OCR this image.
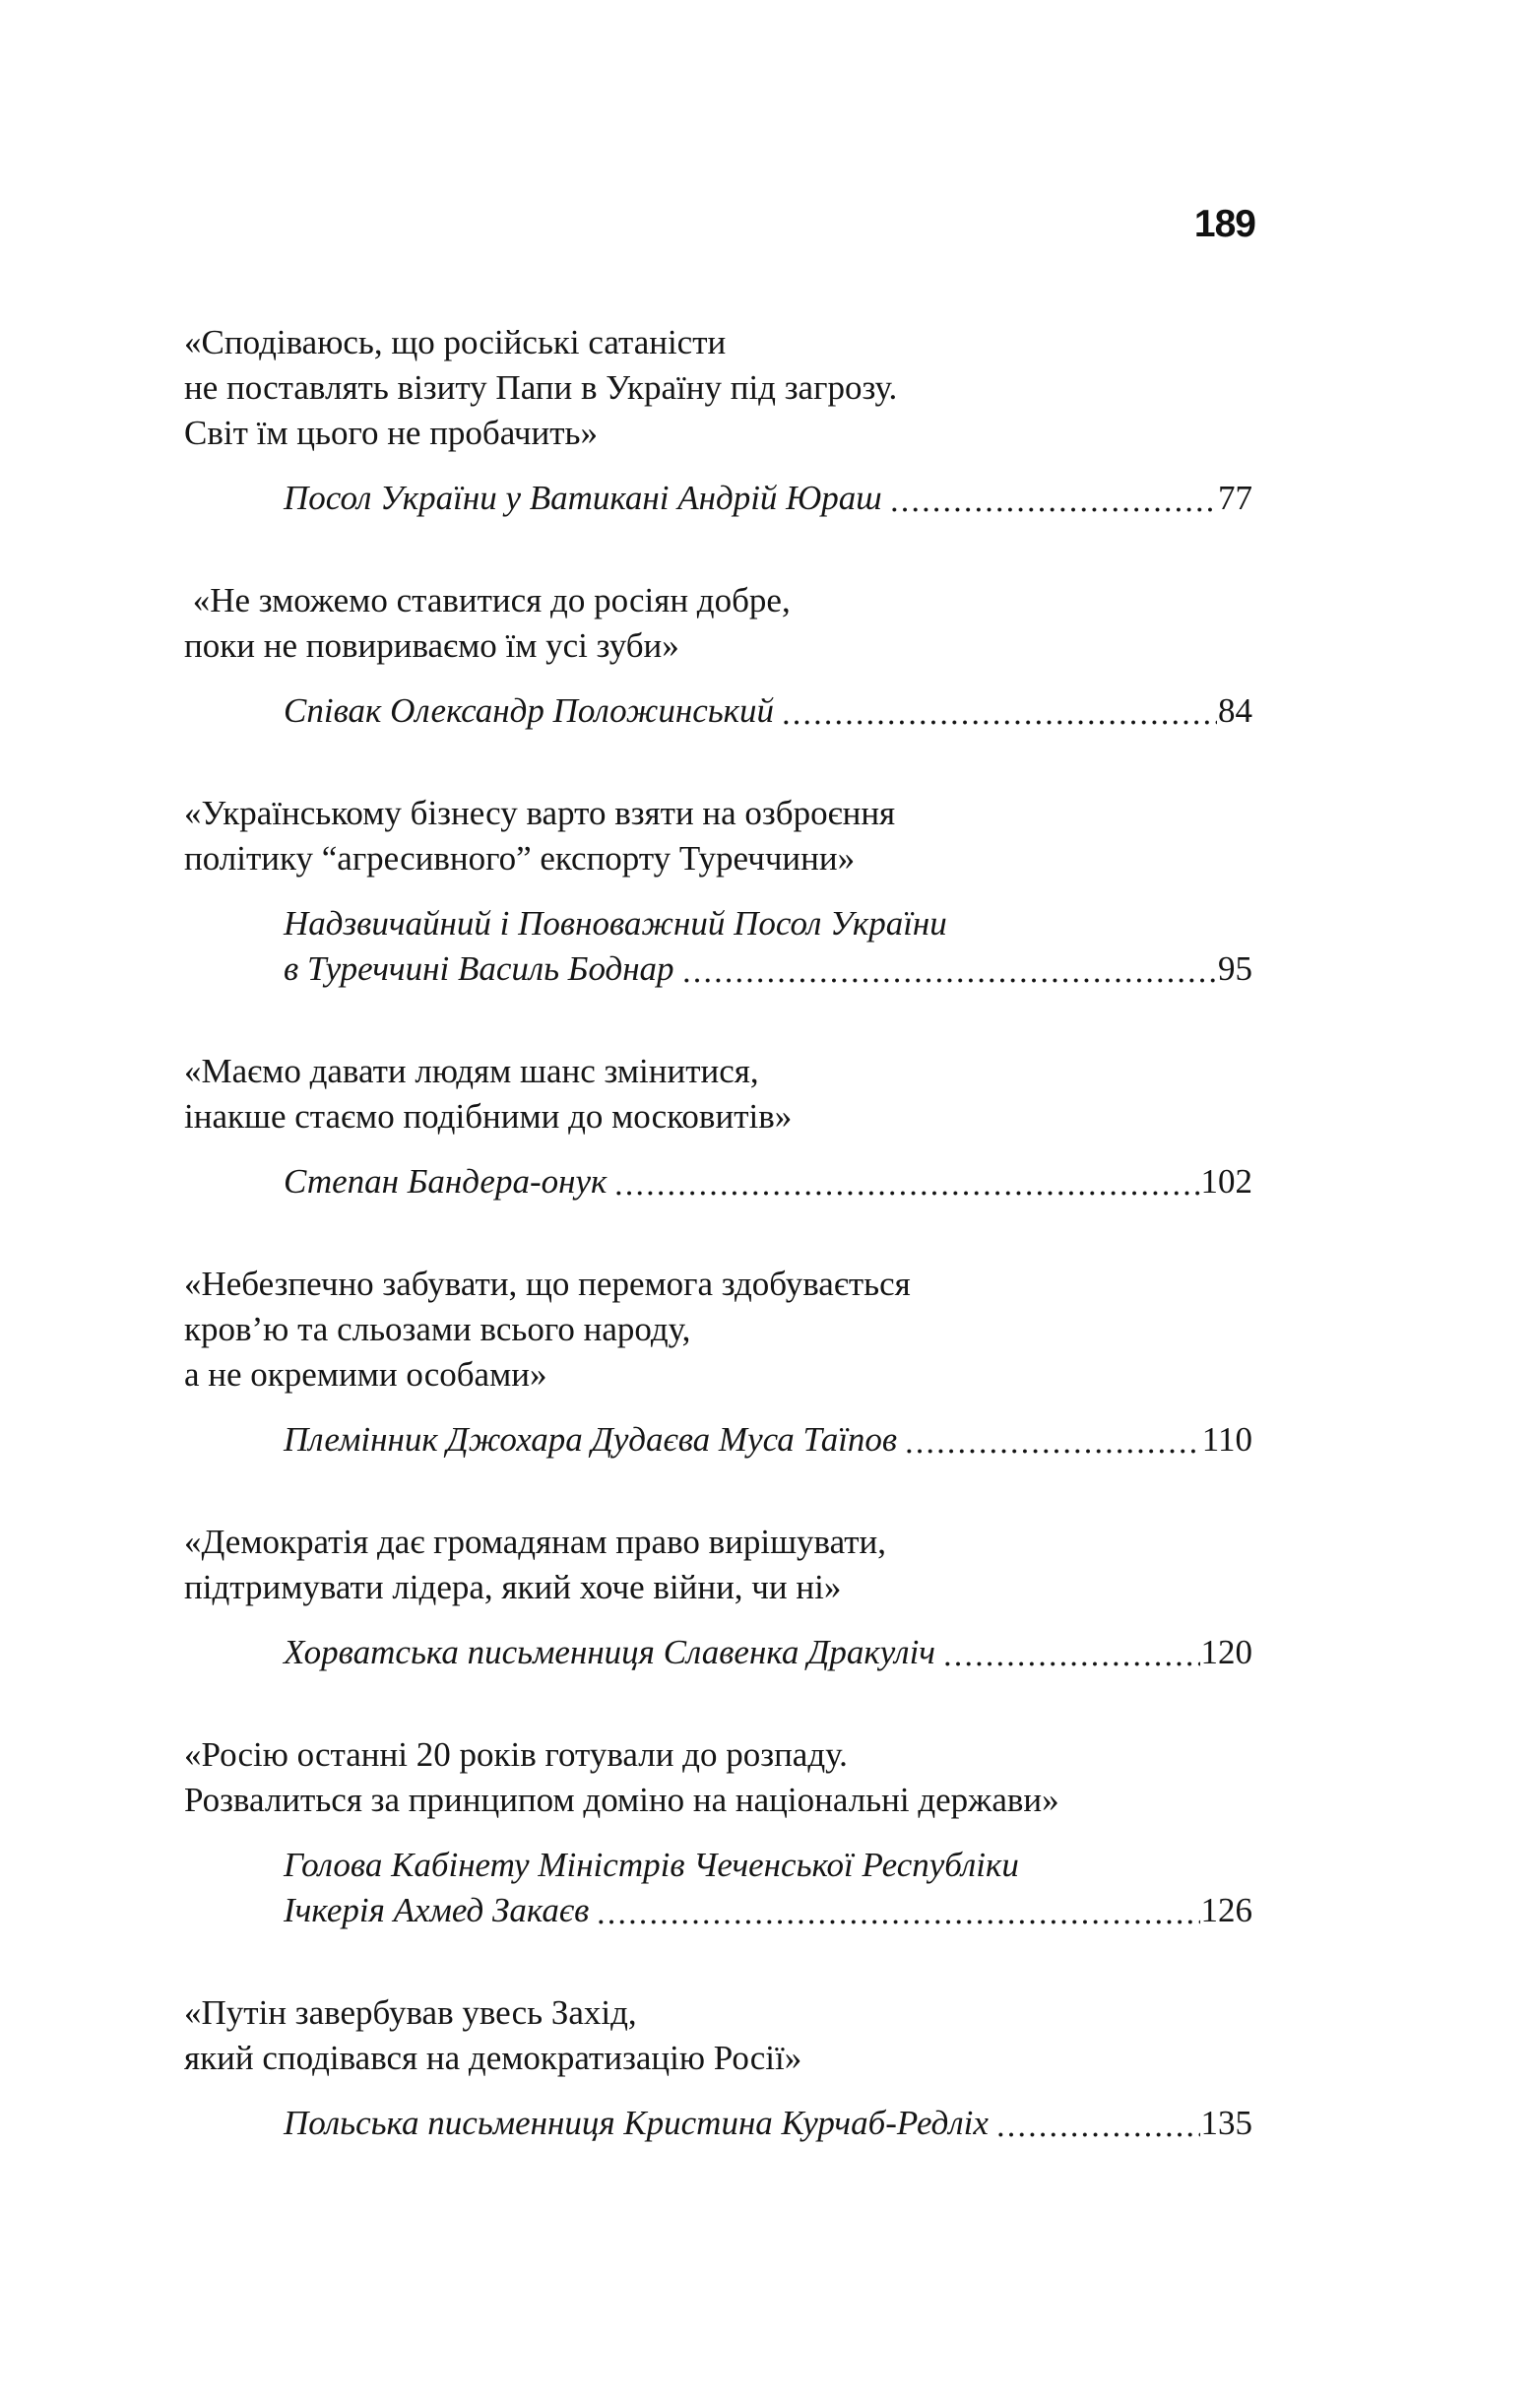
189
«Сподіваюсь, що російські сатаністи
не поставлять візиту Папи в Україну під загрозу.
Світ їм цього не пробачить»
Посол України у Ватикані Андрій Юраш	77
«Не зможемо ставитися до росіян добре,
поки не повириваємо їм усі зуби»
Співак Олександр Положинський	84
«Українському бізнесу варто взяти на озброєння
політику “агресивного” експорту Туреччини»
Надзвичайний і Повноважний Посол України
в Туреччині Василь Боднар	95
«Маємо давати людям шанс змінитися,
інакше стаємо подібними до московитів»
Степан Бандера-онук	102
«Небезпечно забувати, що перемога здобувається
кров’ю та сльозами всього народу,
а не окремими особами»
Племінник Джохара Дудаєва Муса Таїпов	110
«Демократія дає громадянам право вирішувати,
підтримувати лідера, який хоче війни, чи ні»
Хорватська письменниця Славенка Дракуліч	120
«Росію останні 20 років готували до розпаду.
Розвалиться за принципом доміно на національні держави»
Голова Кабінету Міністрів Чеченської Республіки
Ічкерія Ахмед Закаєв	126
«Путін завербував увесь Захід,
який сподівався на демократизацію Росії»
Польська письменниця Кристина Курчаб-Редліх	135
